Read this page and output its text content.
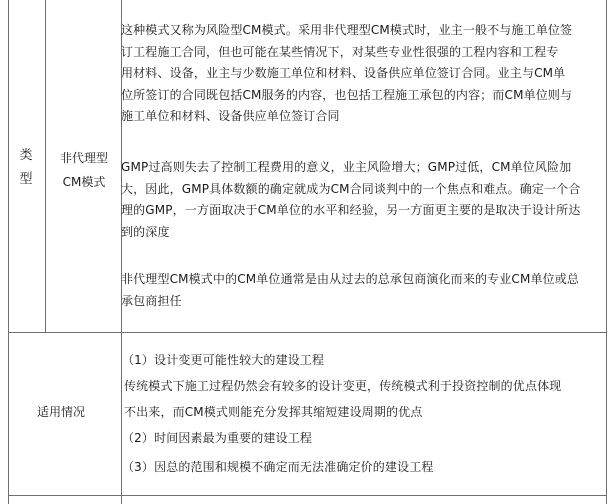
类
型
非代理型
CM模式
这种模式又称为风险型CM模式。采用非代理型CM模式时，业主一般不与施工单位签
订工程施工合同，但也可能在某些情况下，对某些专业性很强的工程内容和工程专
用材料、设备，业主与少数施工单位和材料、设备供应单位签订合同。业主与CM单
位所签订的合同既包括CM服务的内容，也包括工程施工承包的内容；而CM单位则与
施工单位和材料、设备供应单位签订合同
GMP过高则失去了控制工程费用的意义，业主风险增大；GMP过低，CM单位风险加
大，因此，GMP具体数额的确定就成为CM合同谈判中的一个焦点和难点。确定一个合
理的GMP，一方面取决于CM单位的水平和经验，另一方面更主要的是取决于设计所达
到的深度
非代理型CM模式中的CM单位通常是由从过去的总承包商演化而来的专业CM单位或总
承包商担任
适用情况
（1）设计变更可能性较大的建设工程
传统模式下施工过程仍然会有较多的设计变更，传统模式利于投资控制的优点体现
不出来，而CM模式则能充分发挥其缩短建设周期的优点
（2）时间因素最为重要的建设工程
（3）因总的范围和规模不确定而无法准确定价的建设工程
